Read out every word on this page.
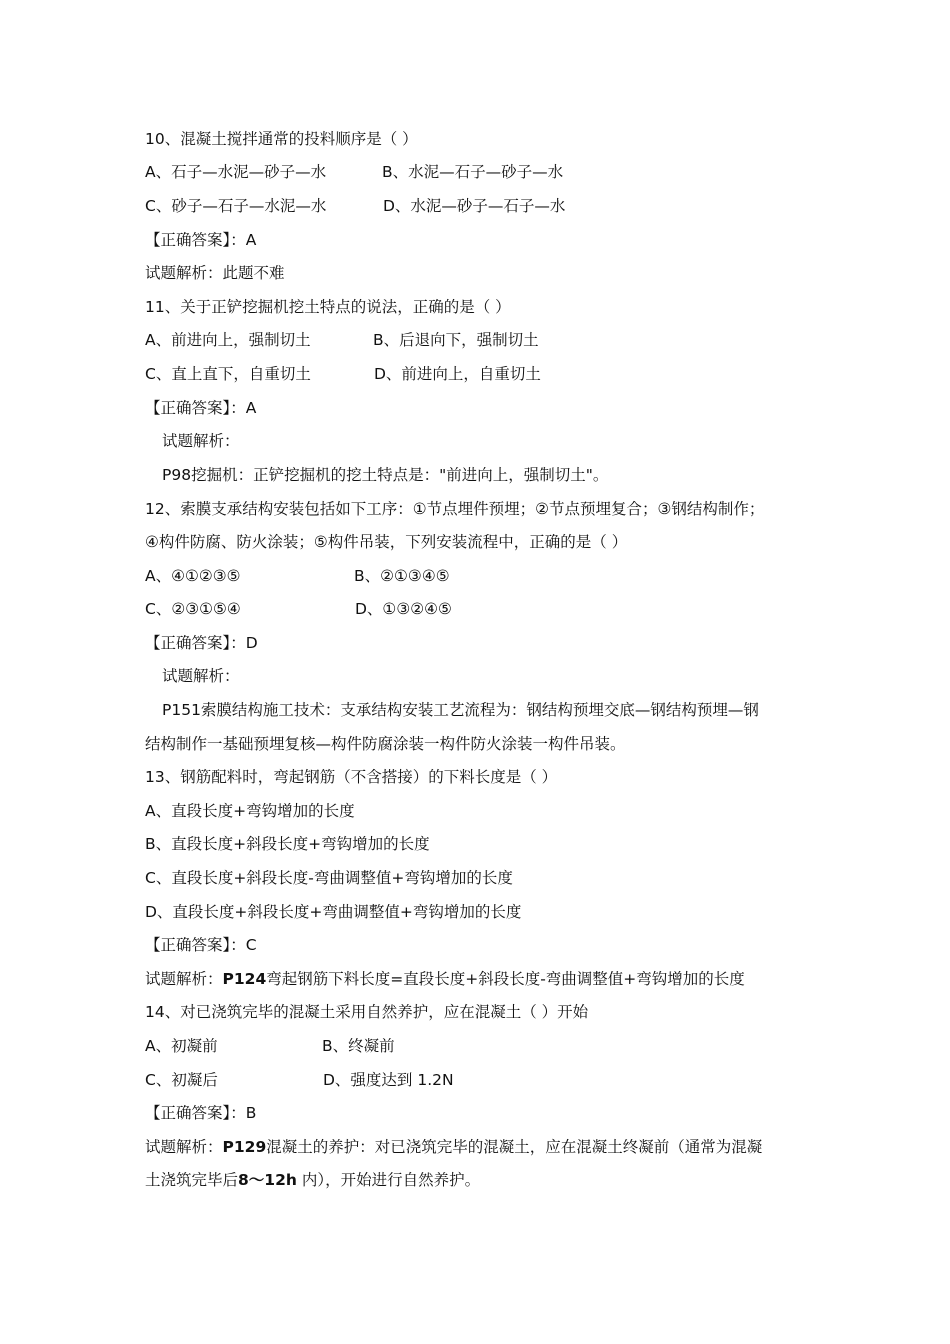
10、混凝土搅拌通常的投料顺序是（ ）
A、石子—水泥—砂子—水	B、水泥—石子—砂子—水
C、砂子—石子—水泥—水	D、水泥—砂子—石子—水
【正确答案】：A
试题解析：此题不难
11、关于正铲挖掘机挖土特点的说法，正确的是（ ）
A、前进向上，强制切土	B、后退向下，强制切土
C、直上直下，自重切土	D、前进向上，自重切土
【正确答案】：A
试题解析：
P98挖掘机：正铲挖掘机的挖土特点是："前进向上，强制切土"。
12、索膜支承结构安装包括如下工序：①节点埋件预埋；②节点预埋复合；③钢结构制作；
④构件防腐、防火涂装；⑤构件吊装，下列安装流程中，正确的是（ ）
A、④①②③⑤	B、②①③④⑤
C、②③①⑤④	D、①③②④⑤
【正确答案】：D
试题解析：
P151索膜结构施工技术：支承结构安装工艺流程为：钢结构预埋交底—钢结构预埋—钢
结构制作一基础预埋复核—构件防腐涂装一构件防火涂装一构件吊装。
13、钢筋配料时，弯起钢筋（不含搭接）的下料长度是（ ）
A、直段长度+弯钩增加的长度
B、直段长度+斜段长度+弯钩增加的长度
C、直段长度+斜段长度-弯曲调整值+弯钩增加的长度
D、直段长度+斜段长度+弯曲调整值+弯钩增加的长度
【正确答案】：C
试题解析：P124弯起钢筋下料长度=直段长度+斜段长度-弯曲调整值+弯钩增加的长度
14、对已浇筑完毕的混凝土采用自然养护，应在混凝土（ ）开始
A、初凝前	B、终凝前
C、初凝后	D、强度达到 1.2N
【正确答案】：B
试题解析：P129混凝土的养护：对已浇筑完毕的混凝土，应在混凝土终凝前（通常为混凝
土浇筑完毕后8〜12h 内），开始进行自然养护。
